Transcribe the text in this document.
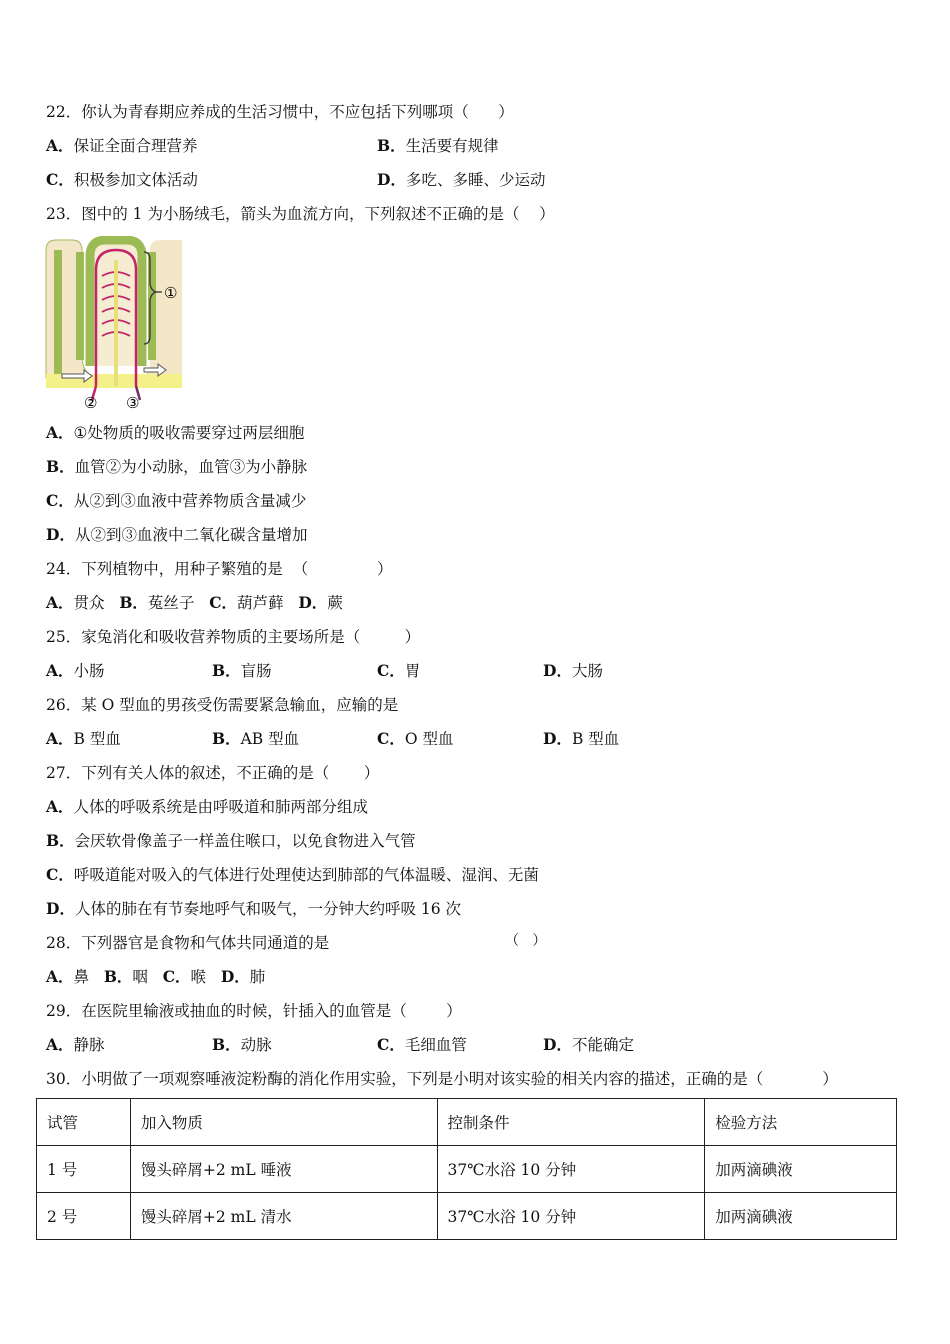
22．你认为青春期应养成的生活习惯中，不应包括下列哪项（      ）
A．保证全面合理营养	B．生活要有规律
C．积极参加文体活动	D．多吃、多睡、少运动
23．图中的 1 为小肠绒毛，箭头为血流方向，下列叙述不正确的是（    ）
①
② ③
A．①处物质的吸收需要穿过两层细胞
B．血管②为小动脉，血管③为小静脉
C．从②到③血液中营养物质含量减少
D．从②到③血液中二氧化碳含量增加
24．下列植物中，用种子繁殖的是  （              ）
A．贯众   B．菟丝子   C．葫芦藓   D．蕨
25．家兔消化和吸收营养物质的主要场所是（         ）
A．小肠	B．盲肠	C．胃	D．大肠
26．某 O 型血的男孩受伤需要紧急输血，应输的是
A．B 型血	B．AB 型血	C．O 型血	D．B 型血
27．下列有关人体的叙述，不正确的是（       ）
A．人体的呼吸系统是由呼吸道和肺两部分组成
B．会厌软骨像盖子一样盖住喉口，以免食物进入气管
C．呼吸道能对吸入的气体进行处理使达到肺部的气体温暖、湿润、无菌
D．人体的肺在有节奏地呼气和吸气，一分钟大约呼吸 16 次
28．下列器官是食物和气体共同通道的是	（   ）
A．鼻   B．咽   C．喉   D．肺
29．在医院里输液或抽血的时候，针插入的血管是（        ）
A．静脉	B．动脉	C．毛细血管	D．不能确定
30．小明做了一项观察唾液淀粉酶的消化作用实验，下列是小明对该实验的相关内容的描述，正确的是（            ）
试管	加入物质	控制条件	检验方法
1 号	馒头碎屑+2 mL 唾液	37℃水浴 10 分钟	加两滴碘液
2 号	馒头碎屑+2 mL 清水	37℃水浴 10 分钟	加两滴碘液
